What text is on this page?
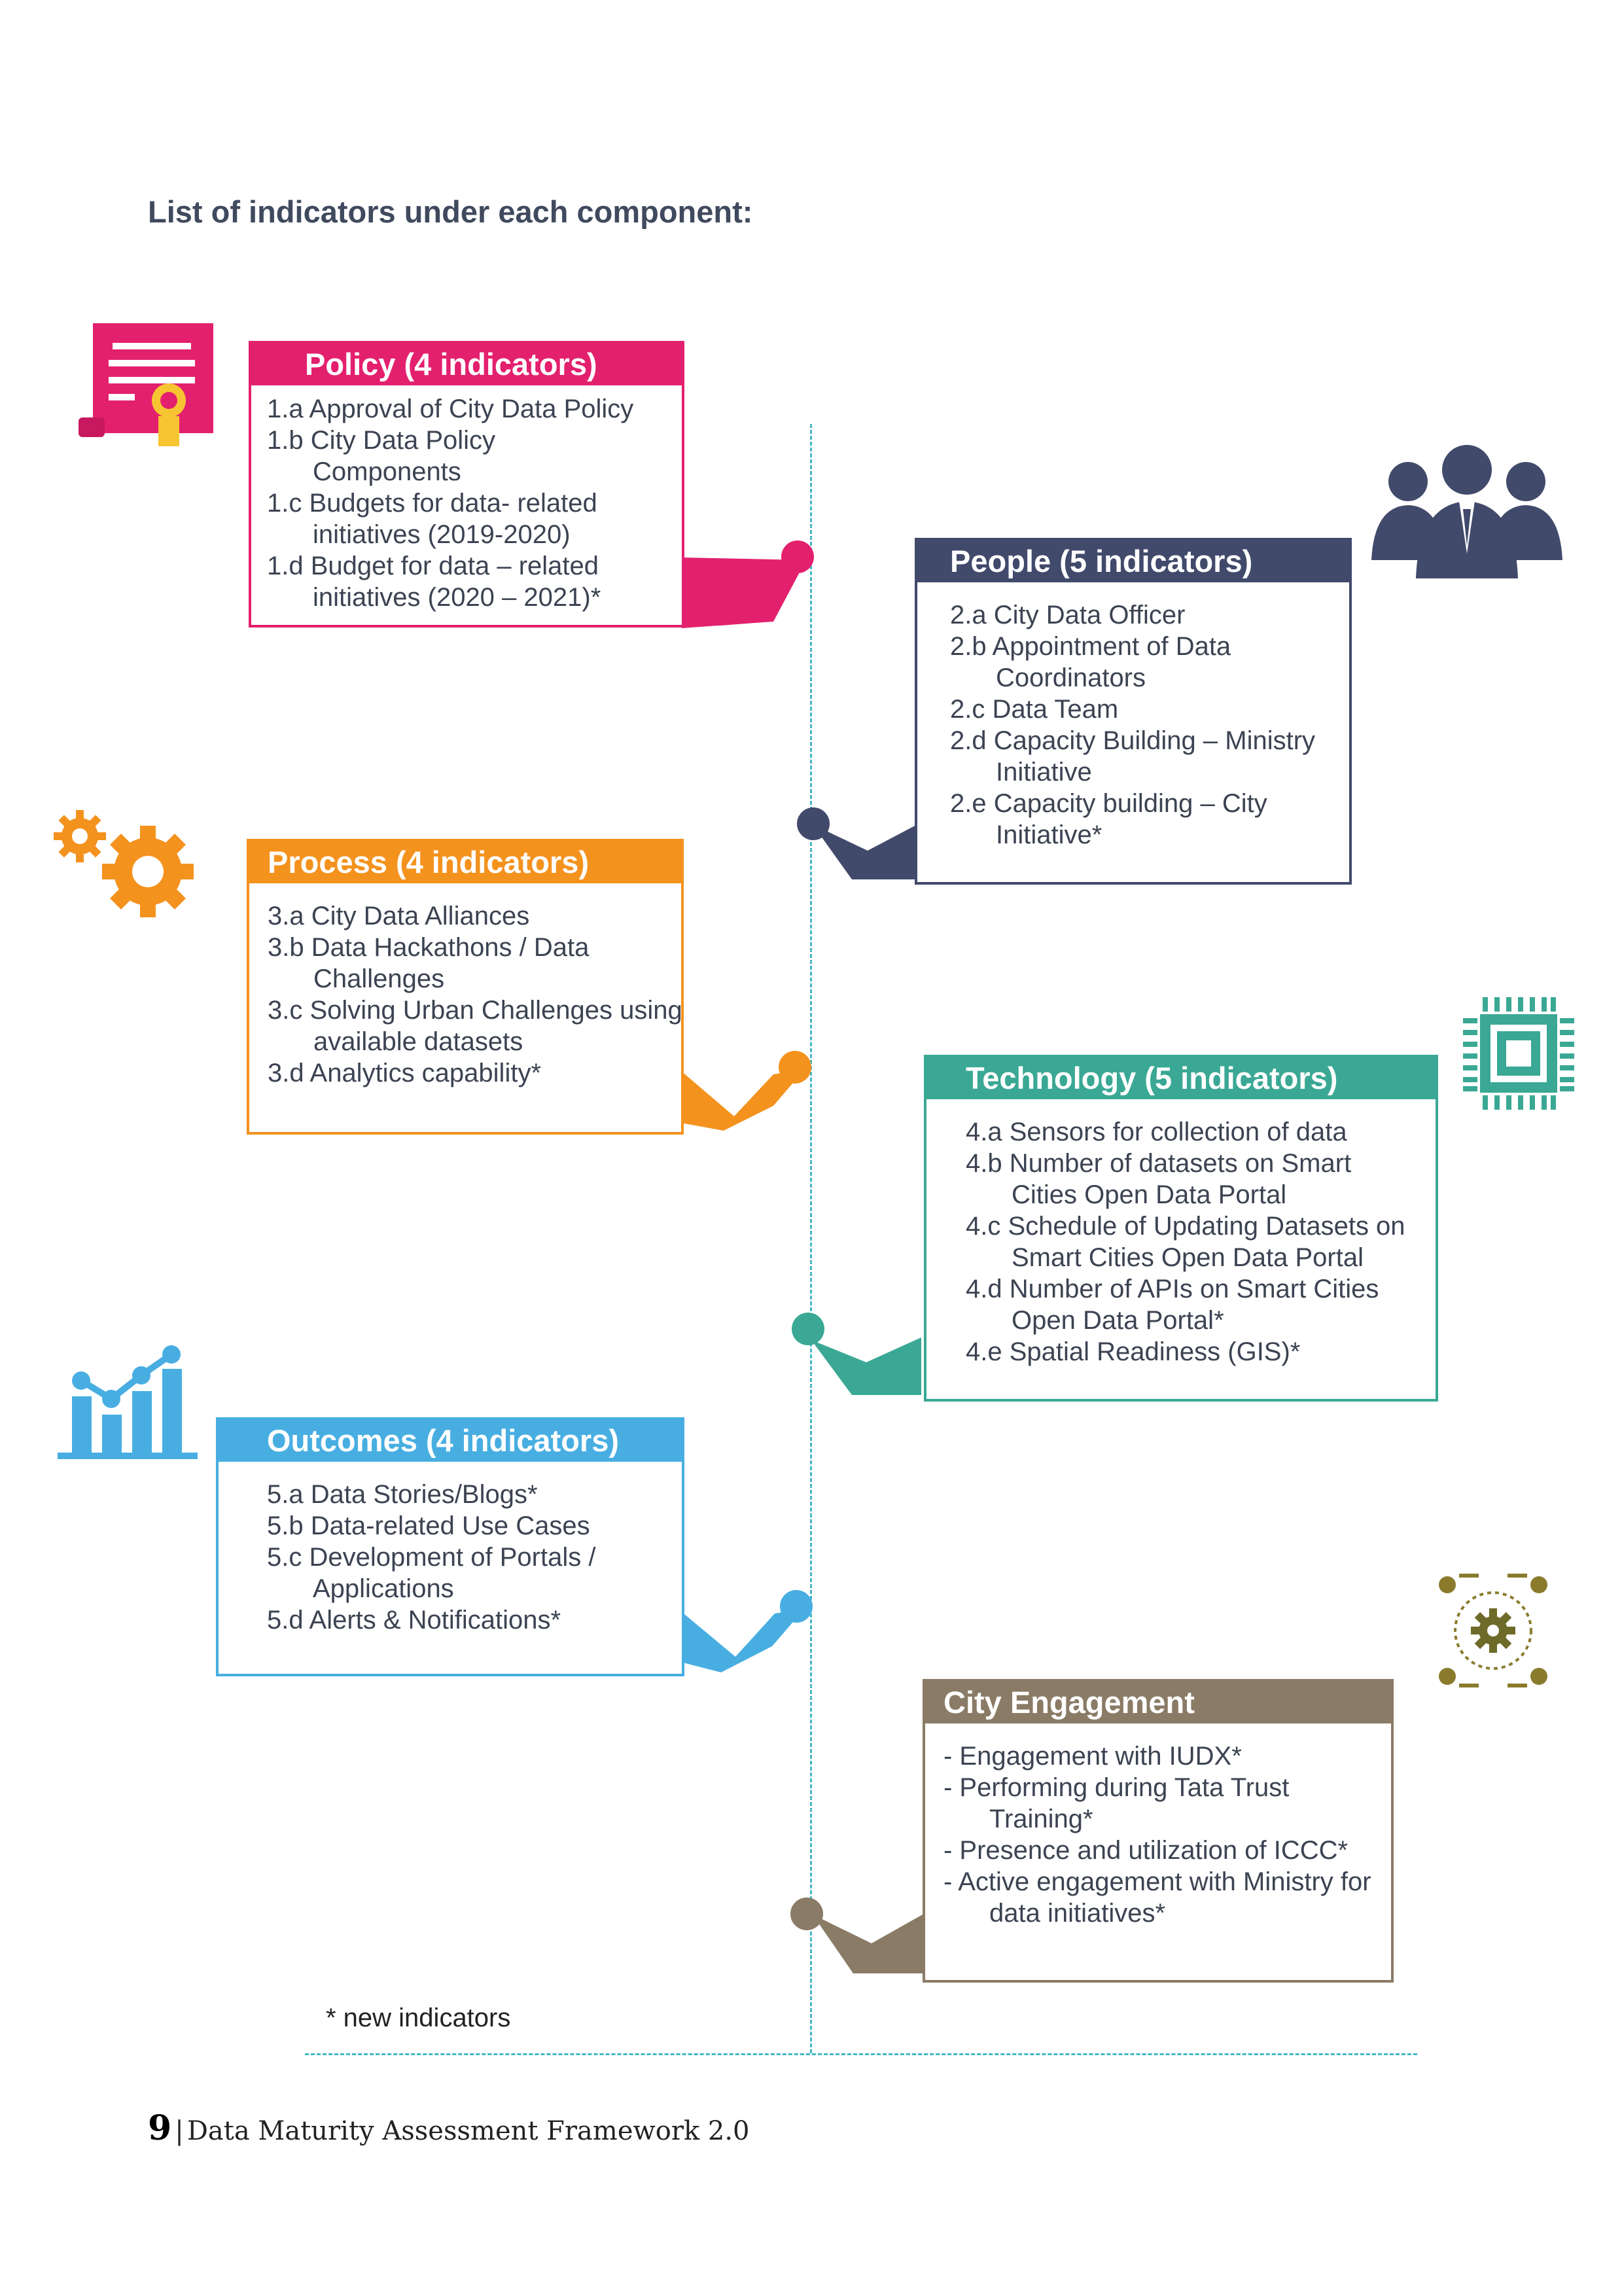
List of indicators under each component:
Policy (4 indicators)
1.a Approval of City Data Policy
1.b City Data Policy Components
1.c Budgets for data- related initiatives (2019-2020)
1.d Budget for data – related initiatives (2020 – 2021)*
People (5 indicators)
2.a City Data Officer
2.b Appointment of Data Coordinators
2.c Data Team
2.d Capacity Building – Ministry Initiative
2.e Capacity building – City Initiative*
Process (4 indicators)
3.a City Data Alliances
3.b Data Hackathons / Data Challenges
3.c Solving Urban Challenges using available datasets
3.d Analytics capability*	Technology (5 indicators)
4.a Sensors for collection of data
4.b Number of datasets on Smart Cities Open Data Portal
4.c Schedule of Updating Datasets on Smart Cities Open Data Portal
4.d Number of APIs on Smart Cities Open Data Portal*
4.e Spatial Readiness (GIS)*
Outcomes (4 indicators)
5.a Data Stories/Blogs*
5.b Data-related Use Cases
5.c Development of Portals / Applications
5.d Alerts & Notifications*
City Engagement
- Engagement with IUDX*
- Performing during Tata Trust Training*
- Presence and utilization of ICCC*
- Active engagement with Ministry for data initiatives*
* new indicators
9 | Data Maturity Assessment Framework 2.0
